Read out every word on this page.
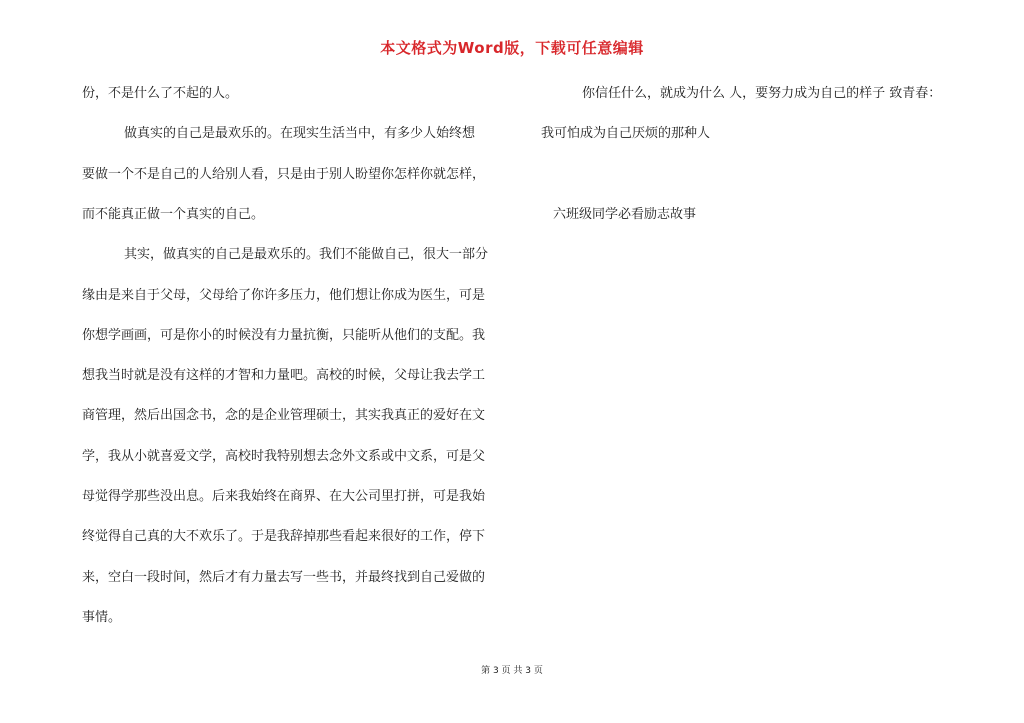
本文格式为Word版，下载可任意编辑
份，不是什么了不起的人。
做真实的自己是最欢乐的。在现实生活当中，有多少人始终想
要做一个不是自己的人给别人看，只是由于别人盼望你怎样你就怎样，
而不能真正做一个真实的自己。
其实，做真实的自己是最欢乐的。我们不能做自己，很大一部分
缘由是来自于父母，父母给了你许多压力，他们想让你成为医生，可是
你想学画画，可是你小的时候没有力量抗衡，只能听从他们的支配。我
想我当时就是没有这样的才智和力量吧。高校的时候，父母让我去学工
商管理，然后出国念书，念的是企业管理硕士，其实我真正的爱好在文
学，我从小就喜爱文学，高校时我特别想去念外文系或中文系，可是父
母觉得学那些没出息。后来我始终在商界、在大公司里打拼，可是我始
终觉得自己真的大不欢乐了。于是我辞掉那些看起来很好的工作，停下
来，空白一段时间，然后才有力量去写一些书，并最终找到自己爱做的
事情。
你信任什么，就成为什么 人，要努力成为自己的样子 致青春：
我可怕成为自己厌烦的那种人
六班级同学必看励志故事
第 3 页 共 3 页
